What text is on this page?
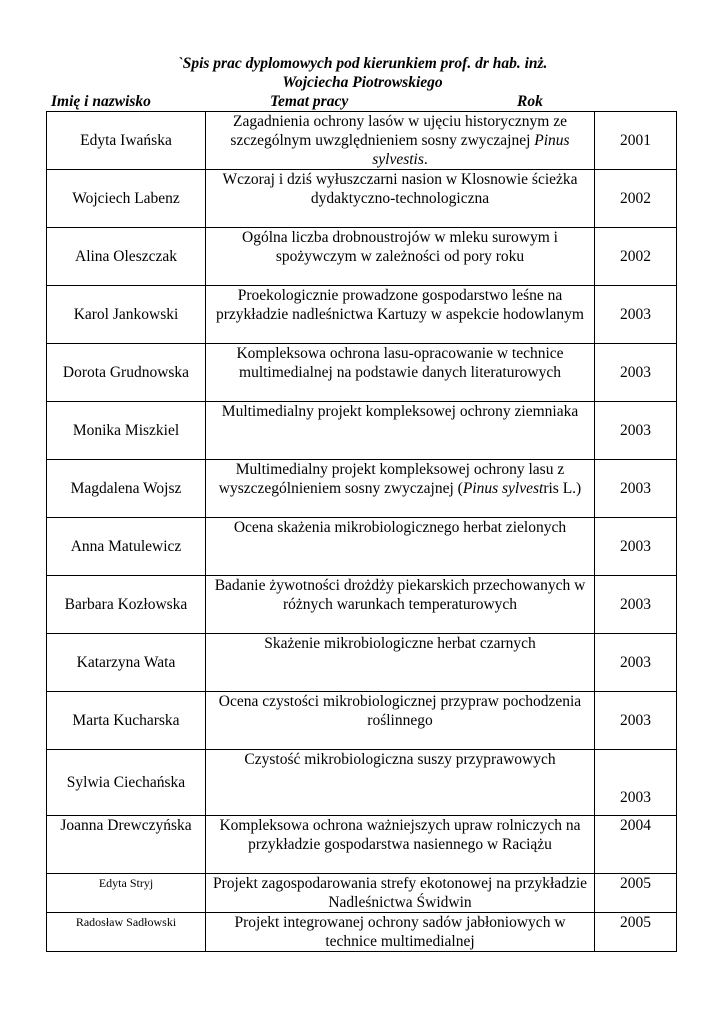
`Spis prac dyplomowych pod kierunkiem prof. dr hab. inż.
Wojciecha Piotrowskiego
Imię i nazwisko	Temat pracy	Rok
Edyta Iwańska	Zagadnienia ochrony lasów w ujęciu historycznym ze szczególnym uwzględnieniem sosny zwyczajnej Pinus sylvestis.	2001
Wojciech Labenz	Wczoraj i dziś wyłuszczarni nasion w Klosnowie ścieżka dydaktyczno-technologiczna	2002
Alina Oleszczak	Ogólna liczba drobnoustrojów w mleku surowym i spożywczym w zależności od pory roku	2002
Karol Jankowski	Proekologicznie prowadzone gospodarstwo leśne na przykładzie nadleśnictwa Kartuzy w aspekcie hodowlanym	2003
Dorota Grudnowska	Kompleksowa ochrona lasu-opracowanie w technice multimedialnej na podstawie danych literaturowych	2003
Monika Miszkiel	Multimedialny projekt kompleksowej ochrony ziemniaka	2003
Magdalena Wojsz	Multimedialny projekt kompleksowej ochrony lasu z wyszczególnieniem sosny zwyczajnej (Pinus sylvestris L.)	2003
Anna Matulewicz	Ocena skażenia mikrobiologicznego herbat zielonych	2003
Barbara Kozłowska	Badanie żywotności drożdży piekarskich przechowanych w różnych warunkach temperaturowych	2003
Katarzyna Wata	Skażenie mikrobiologiczne herbat czarnych	2003
Marta Kucharska	Ocena czystości mikrobiologicznej przypraw pochodzenia roślinnego	2003
Sylwia Ciechańska	Czystość mikrobiologiczna suszy przyprawowych	2003
Joanna Drewczyńska	Kompleksowa ochrona ważniejszych upraw rolniczych na przykładzie gospodarstwa nasiennego w Raciążu	2004
Edyta Stryj	Projekt zagospodarowania strefy ekotonowej na przykładzie Nadleśnictwa Świdwin	2005
Radosław Sadłowski	Projekt integrowanej ochrony sadów jabłoniowych w technice multimedialnej	2005
